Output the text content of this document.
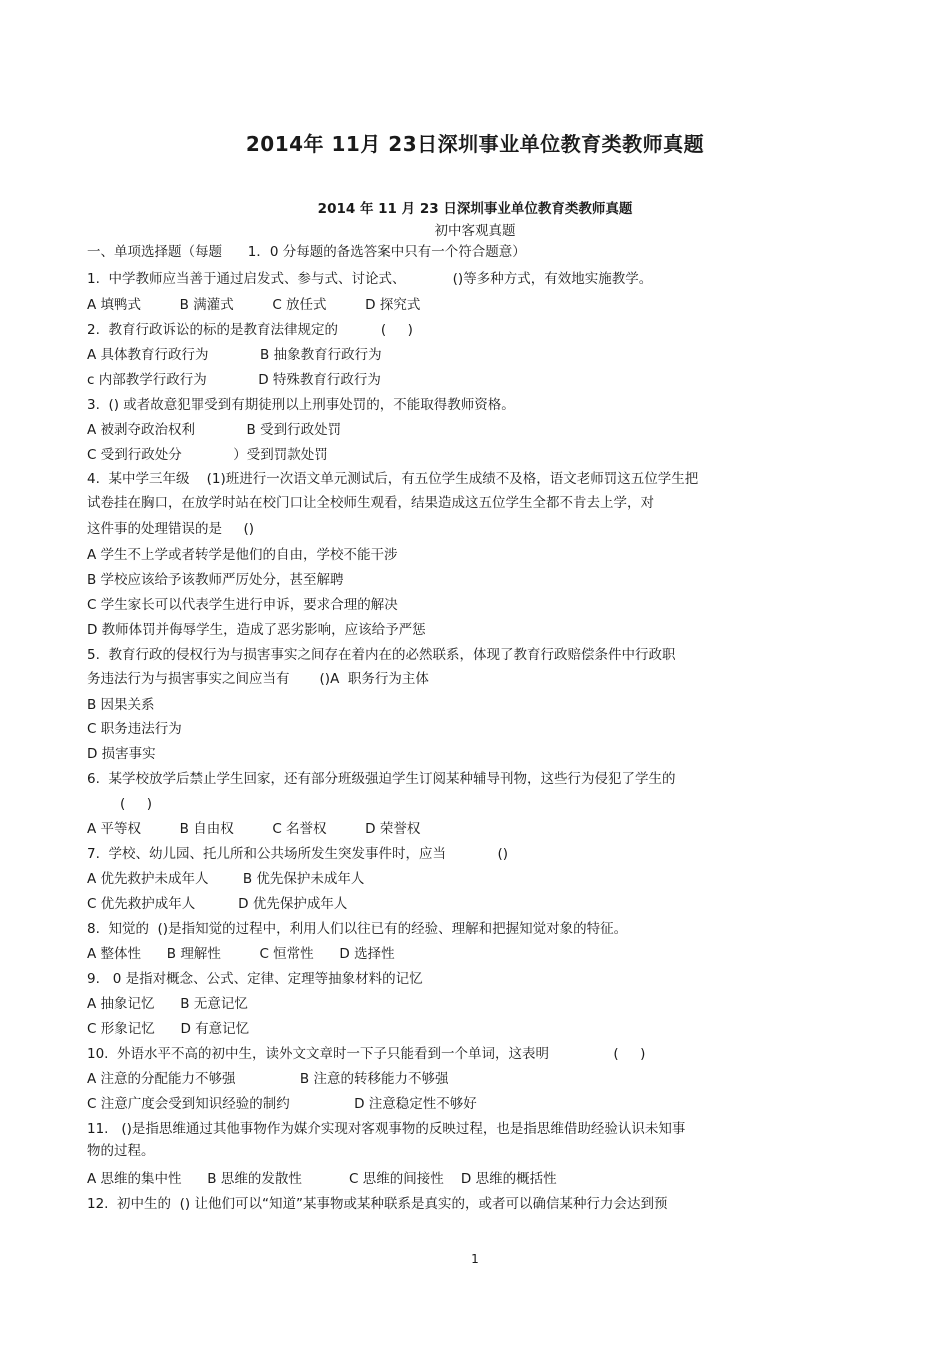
2014年 11月 23日深圳事业单位教育类教师真题
2014 年 11 月 23 日深圳事业单位教育类教师真题
初中客观真题
一、单项选择题（每题      1．0 分每题的备选答案中只有一个符合题意）
1.  中学教师应当善于通过启发式、参与式、讨论式、           ()等多种方式，有效地实施教学。
A 填鸭式         B 满灌式         C 放任式         D 探究式
2.  教育行政诉讼的标的是教育法律规定的          (     )
A 具体教育行政行为            B 抽象教育行政行为
c 内部教学行政行为            D 特殊教育行政行为
3.  () 或者故意犯罪受到有期徒刑以上刑事处罚的，不能取得教师资格。
A 被剥夺政治权利            B 受到行政处罚
C 受到行政处分            ）受到罚款处罚
4.  某中学三年级    (1)班进行一次语文单元测试后，有五位学生成绩不及格，语文老师罚这五位学生把
试卷挂在胸口，在放学时站在校门口让全校师生观看，结果造成这五位学生全都不肯去上学，对
这件事的处理错误的是     ()
A 学生不上学或者转学是他们的自由，学校不能干涉
B 学校应该给予该教师严厉处分，甚至解聘
C 学生家长可以代表学生进行申诉，要求合理的解决
D 教师体罚并侮辱学生，造成了恶劣影响，应该给予严惩
5.  教育行政的侵权行为与损害事实之间存在着内在的必然联系，体现了教育行政赔偿条件中行政职
务违法行为与损害事实之间应当有       ()A  职务行为主体
B 因果关系
C 职务违法行为
D 损害事实
6.  某学校放学后禁止学生回家，还有部分班级强迫学生订阅某种辅导刊物，这些行为侵犯了学生的
(     )
A 平等权         B 自由权         C 名誉权         D 荣誉权
7.  学校、幼儿园、托儿所和公共场所发生突发事件时，应当            ()
A 优先救护未成年人        B 优先保护未成年人
C 优先救护成年人          D 优先保护成年人
8.  知觉的  ()是指知觉的过程中，利用人们以往已有的经验、理解和把握知觉对象的特征。
A 整体性      B 理解性         C 恒常性      D 选择性
9.   0 是指对概念、公式、定律、定理等抽象材料的记忆
A 抽象记忆      B 无意记忆
C 形象记忆      D 有意记忆
10.  外语水平不高的初中生，读外文文章时一下子只能看到一个单词，这表明               (     )
A 注意的分配能力不够强               B 注意的转移能力不够强
C 注意广度会受到知识经验的制约               D 注意稳定性不够好
11.   ()是指思维通过其他事物作为媒介实现对客观事物的反映过程，也是指思维借助经验认识未知事
物的过程。
A 思维的集中性      B 思维的发散性           C 思维的间接性    D 思维的概括性
12.  初中生的  () 让他们可以“知道”某事物或某种联系是真实的，或者可以确信某种行力会达到预
1
